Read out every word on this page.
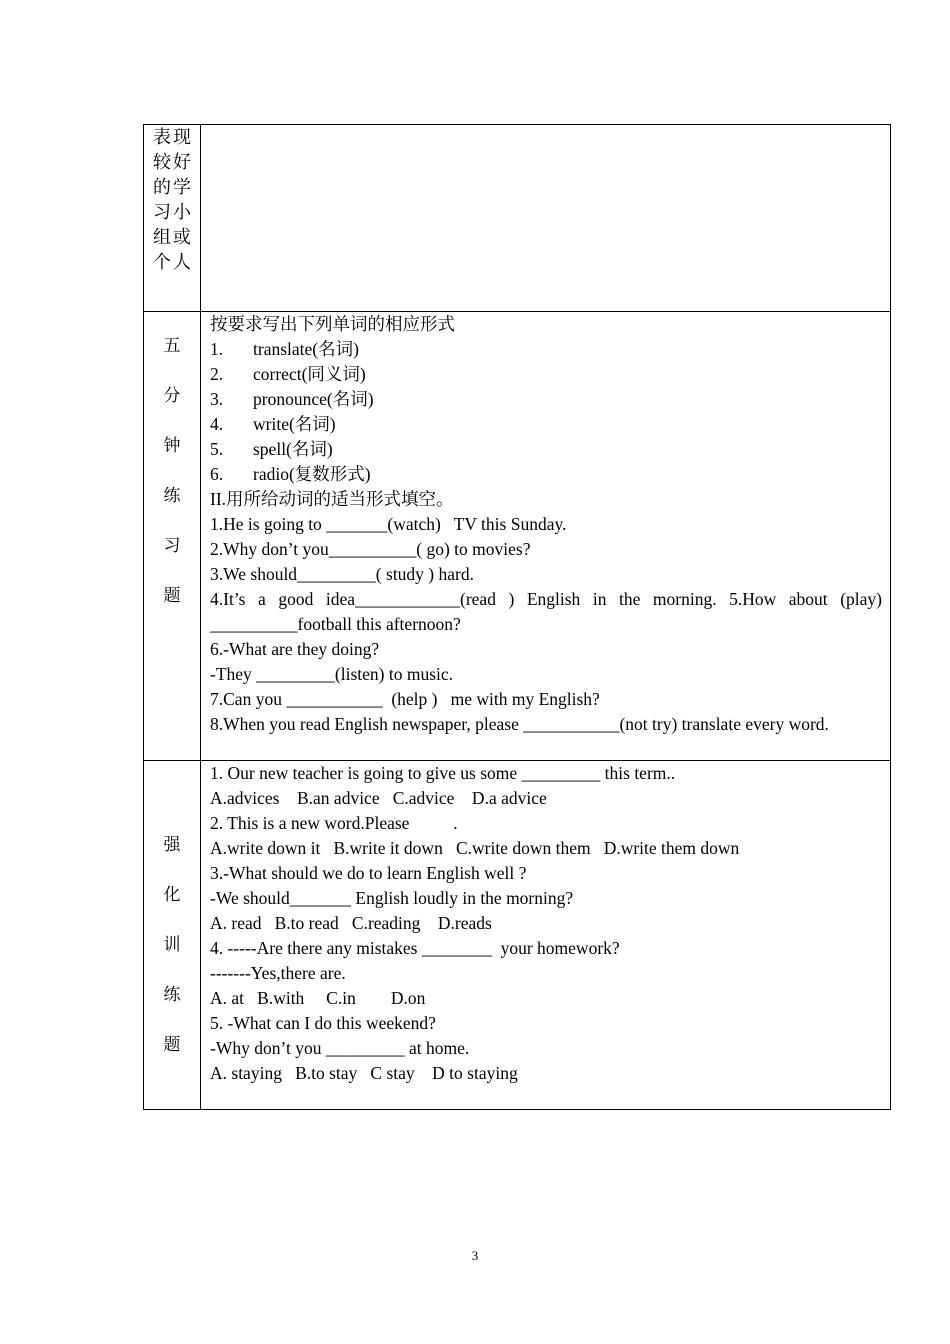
表现较好的学习小组或个人
五
分
钟
练
习
题
按要求写出下列单词的相应形式
1. translate(名词)
2. correct(同义词)
3. pronounce(名词)
4. write(名词)
5. spell(名词)
6. radio(复数形式)
II.用所给动词的适当形式填空。
1.He is going to _______(watch)   TV this Sunday.
2.Why don’t you__________( go) to movies?
3.We should_________( study ) hard.
4.It’s a good idea____________(read ) English in the morning. 5.How about (play) __________football this afternoon?
6.-What are they doing?
-They _________(listen) to music.
7.Can you ___________  (help )   me with my English?
8.When you read English newspaper, please ___________(not try) translate every word.
强
化
训
练
题
1. Our new teacher is going to give us some _________ this term..
A.advices    B.an advice   C.advice    D.a advice
2. This is a new word.Please          .
A.write down it   B.write it down   C.write down them   D.write them down
3.-What should we do to learn English well ?
-We should_______ English loudly in the morning?
A. read   B.to read   C.reading    D.reads
4. -----Are there any mistakes ________  your homework?
-------Yes,there are.
A. at   B.with     C.in        D.on
5. -What can I do this weekend?
-Why don’t you _________ at home.
A. staying   B.to stay   C stay    D to staying
3
